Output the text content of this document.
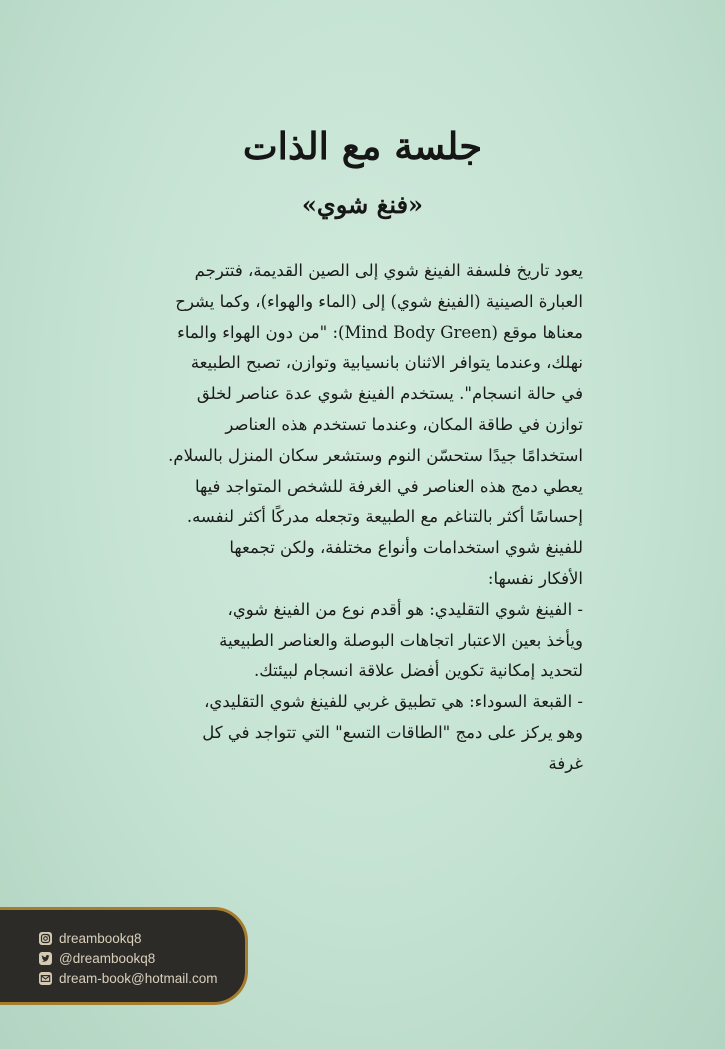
جلسة مع الذات
«فنغ شوي»
يعود تاريخ فلسفة الفينغ شوي إلى الصين القديمة، فتترجم
العبارة الصينية (الفينغ شوي) إلى (الماء والهواء)، وكما يشرح
معناها موقع (Mind Body Green): "من دون الهواء والماء
نهلك، وعندما يتوافر الاثنان بانسيابية وتوازن، تصبح الطبيعة
في حالة انسجام". يستخدم الفينغ شوي عدة عناصر لخلق
توازن في طاقة المكان، وعندما تستخدم هذه العناصر
استخدامًا جيدًا ستحسّن النوم وستشعر سكان المنزل بالسلام.
يعطي دمج هذه العناصر في الغرفة للشخص المتواجد فيها
إحساسًا أكثر بالتناغم مع الطبيعة وتجعله مدركًا أكثر لنفسه.
للفينغ شوي استخدامات وأنواع مختلفة، ولكن تجمعها
الأفكار نفسها:
- الفينغ شوي التقليدي: هو أقدم نوع من الفينغ شوي،
ويأخذ بعين الاعتبار اتجاهات البوصلة والعناصر الطبيعية
لتحديد إمكانية تكوين أفضل علاقة انسجام لبيئتك.
- القبعة السوداء: هي تطبيق غربي للفينغ شوي التقليدي،
وهو يركز على دمج "الطاقات التسع" التي تتواجد في كل
غرفة
dreambookq8
@dreambookq8
dream-book@hotmail.com
